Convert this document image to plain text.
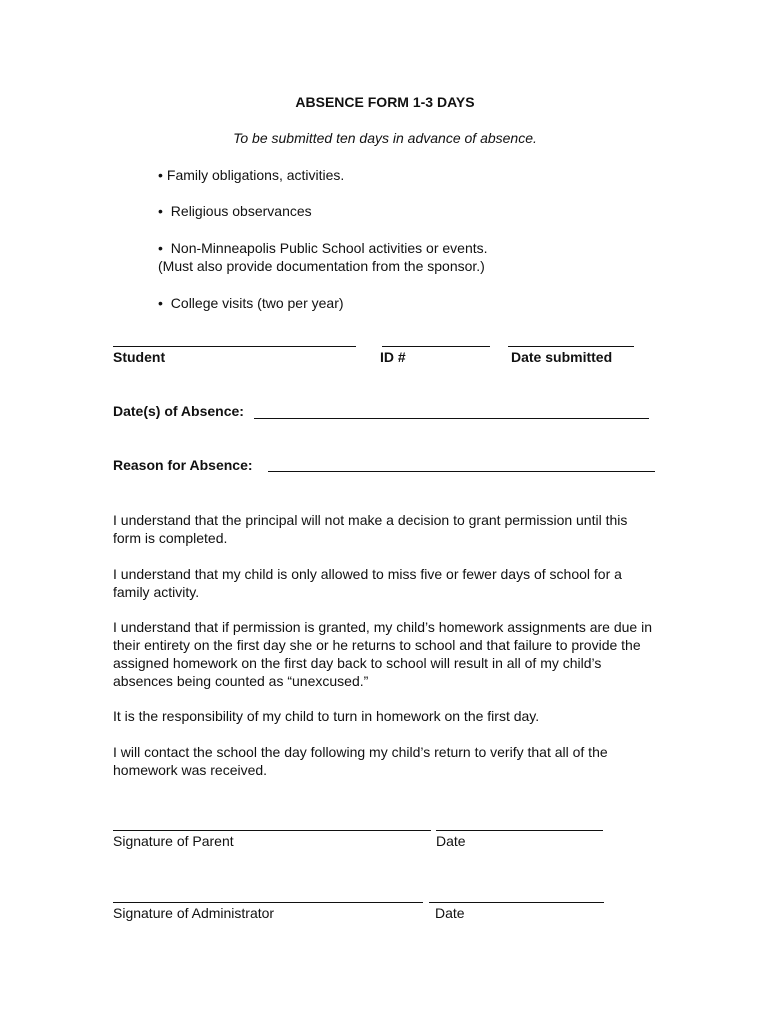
ABSENCE FORM 1-3 DAYS
To be submitted ten days in advance of absence.
• Family obligations, activities.
• Religious observances
• Non-Minneapolis Public School activities or events.
(Must also provide documentation from the sponsor.)
• College visits (two per year)
Student	ID #	Date submitted
Date(s) of Absence:
Reason for Absence:
I understand that the principal will not make a decision to grant permission until this form is completed.
I understand that my child is only allowed to miss five or fewer days of school for a family activity.
I understand that if permission is granted, my child’s homework assignments are due in their entirety on the first day she or he returns to school and that failure to provide the assigned homework on the first day back to school will result in all of my child’s absences being counted as “unexcused.”
It is the responsibility of my child to turn in homework on the first day.
I will contact the school the day following my child’s return to verify that all of the homework was received.
Signature of Parent	Date
Signature of Administrator	Date
